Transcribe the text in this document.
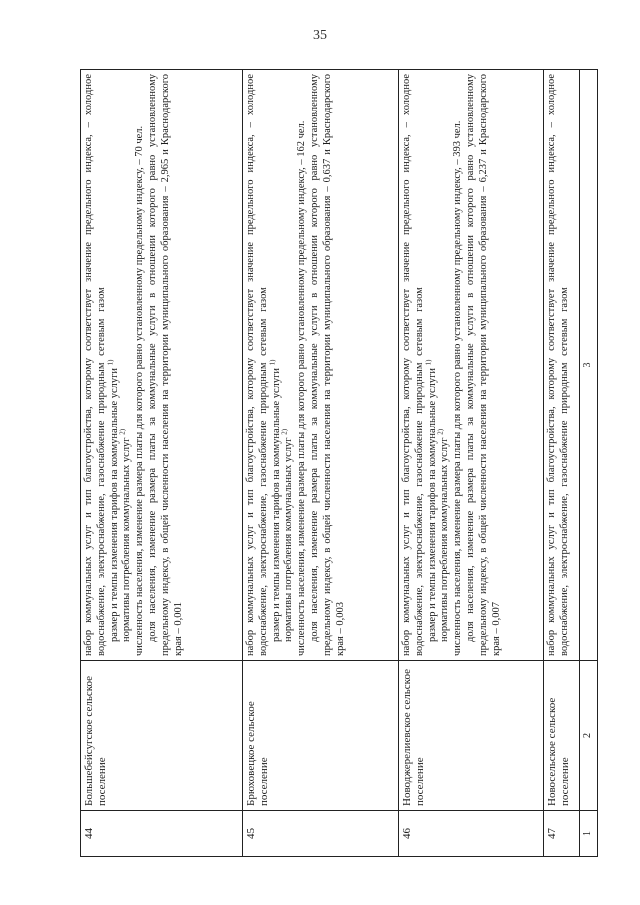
35
44	Большебейсугское сельское поселение	набор коммунальных услуг и тип благоустройства, которому соответствует значение предельного индекса, – холодное водоснабжение, электроснабжение, газоснабжение природным сетевым газом размер и темпы изменения тарифов на коммунальные услуги $^{1)}$

нормативы потребления коммунальных услуг $^{2)}$ численность населения, изменение размера платы для которого равно установленному предельному индексу, – 70 чел. доля населения, изменение размера платы за коммунальные услуги в отношении которого равно установленному предельному индексу, в общей численности населения на территории муниципального образования – 2,965 и Краснодарского края – 0,001

45	Брюховецкое сельское поселение	набор коммунальных услуг и тип благоустройства, которому соответствует значение предельного индекса, – холодное водоснабжение, электроснабжение, газоснабжение природным сетевым газом размер и темпы изменения тарифов на коммунальные услуги $^{1)}$

нормативы потребления коммунальных услуг $^{2)}$ численность населения, изменение размера платы для которого равно установленному предельному индексу, – 162 чел. доля населения, изменение размера платы за коммунальные услуги в отношении которого равно установленному предельному индексу, в общей численности населения на территории муниципального образования – 0,637 и Краснодарского края – 0,003

46	Новоджерелиевское сельское поселение	набор коммунальных услуг и тип благоустройства, которому соответствует значение предельного индекса, – холодное водоснабжение, электроснабжение, газоснабжение природным сетевым газом размер и темпы изменения тарифов на коммунальные услуги $^{1)}$

нормативы потребления коммунальных услуг $^{2)}$ численность населения, изменение размера платы для которого равно установленному предельному индексу, – 393 чел. доля населения, изменение размера платы за коммунальные услуги в отношении которого равно установленному предельному индексу, в общей численности населения на территории муниципального образования – 6,237 и Краснодарского края – 0,007

47	Новосельское сельское поселение	набор коммунальных услуг и тип благоустройства, которому соответствует значение предельного индекса, – холодное водоснабжение, электроснабжение, газоснабжение природным сетевым газом

1	2	3
